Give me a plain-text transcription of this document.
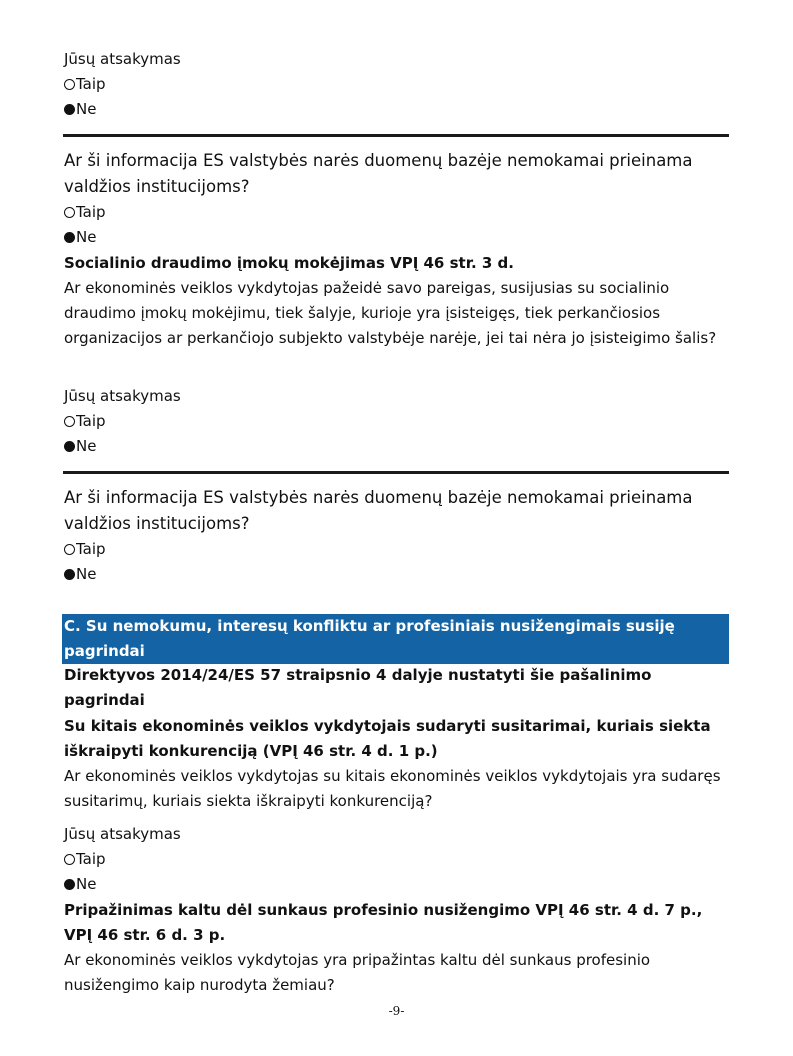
Jūsų atsakymas
Taip
Ne
Ar ši informacija ES valstybės narės duomenų bazėje nemokamai prieinama valdžios institucijoms?
Taip
Ne
Socialinio draudimo įmokų mokėjimas VPĮ 46 str. 3 d.
Ar ekonominės veiklos vykdytojas pažeidė savo pareigas, susijusias su socialinio draudimo įmokų mokėjimu, tiek šalyje, kurioje yra įsisteigęs, tiek perkančiosios organizacijos ar perkančiojo subjekto valstybėje narėje, jei tai nėra jo įsisteigimo šalis?
Jūsų atsakymas
Taip
Ne
Ar ši informacija ES valstybės narės duomenų bazėje nemokamai prieinama valdžios institucijoms?
Taip
Ne
C. Su nemokumu, interesų konfliktu ar profesiniais nusižengimais susiję pagrindai
Direktyvos 2014/24/ES 57 straipsnio 4 dalyje nustatyti šie pašalinimo pagrindai
Su kitais ekonominės veiklos vykdytojais sudaryti susitarimai, kuriais siekta iškraipyti konkurenciją (VPĮ 46 str. 4 d. 1 p.)
Ar ekonominės veiklos vykdytojas su kitais ekonominės veiklos vykdytojais yra sudaręs susitarimų, kuriais siekta iškraipyti konkurenciją?
Jūsų atsakymas
Taip
Ne
Pripažinimas kaltu dėl sunkaus profesinio nusižengimo VPĮ 46 str. 4 d. 7 p., VPĮ 46 str. 6 d. 3 p.
Ar ekonominės veiklos vykdytojas yra pripažintas kaltu dėl sunkaus profesinio nusižengimo kaip nurodyta žemiau?
-9-
